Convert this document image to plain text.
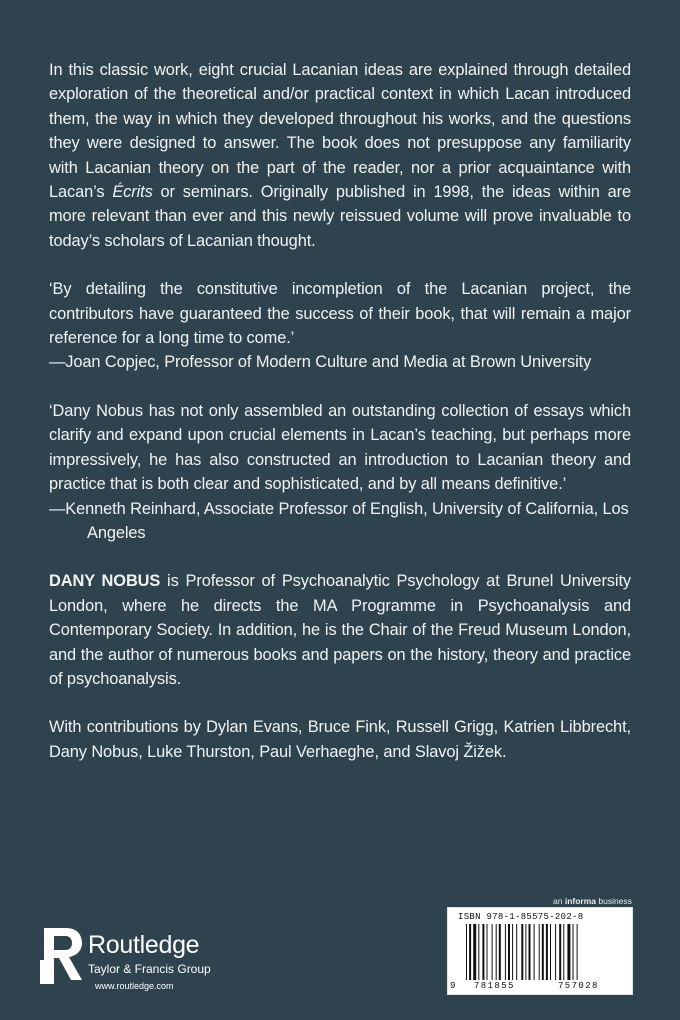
In this classic work, eight crucial Lacanian ideas are explained through detailed exploration of the theoretical and/or practical context in which Lacan introduced them, the way in which they developed throughout his works, and the questions they were designed to answer. The book does not presuppose any familiarity with Lacanian theory on the part of the reader, nor a prior acquaintance with Lacan’s Écrits or seminars. Originally published in 1998, the ideas within are more relevant than ever and this newly reissued volume will prove invaluable to today’s scholars of Lacanian thought.

‘By detailing the constitutive incompletion of the Lacanian project, the contributors have guaranteed the success of their book, that will remain a major reference for a long time to come.’
—Joan Copjec, Professor of Modern Culture and Media at Brown University
‘Dany Nobus has not only assembled an outstanding collection of essays which clarify and expand upon crucial elements in Lacan’s teaching, but perhaps more impressively, he has also constructed an introduction to Lacanian theory and practice that is both clear and sophisticated, and by all means definitive.’
—Kenneth Reinhard, Associate Professor of English, University of California, Los Angeles

DANY NOBUS is Professor of Psychoanalytic Psychology at Brunel University London, where he directs the MA Programme in Psychoanalysis and Contemporary Society. In addition, he is the Chair of the Freud Museum London, and the author of numerous books and papers on the history, theory and practice of psychoanalysis.

With contributions by Dylan Evans, Bruce Fink, Russell Grigg, Katrien Libbrecht, Dany Nobus, Luke Thurston, Paul Verhaeghe, and Slavoj Žižek.

an informa business
ISBN 978-1-85575-202-8
9 781855	757028
Routledge
Taylor & Francis Group
www.routledge.com
